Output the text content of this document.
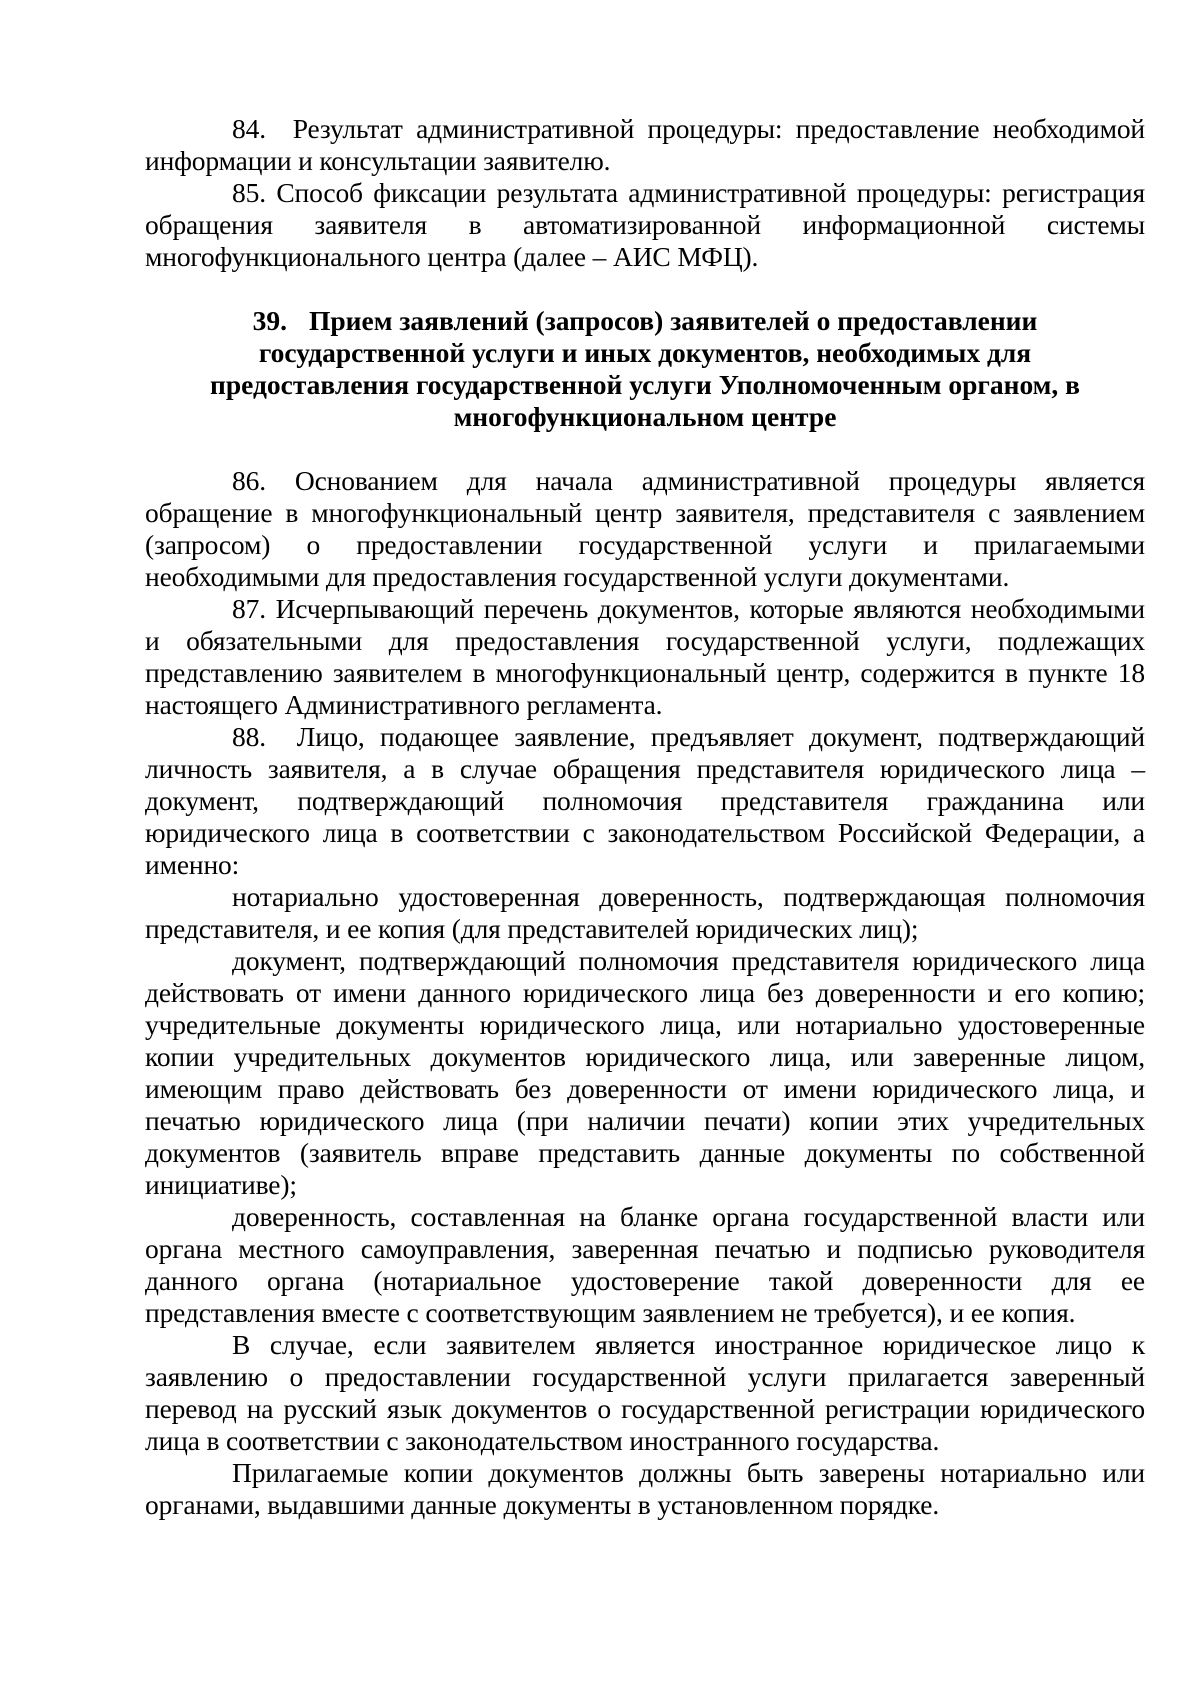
84.  Результат административной процедуры: предоставление необходимой информации и консультации заявителю.

85. Способ фиксации результата административной процедуры: регистрация обращения заявителя в автоматизированной информационной системы многофункционального центра (далее – АИС МФЦ).

39. Прием заявлений (запросов) заявителей о предоставлении государственной услуги и иных документов, необходимых для предоставления государственной услуги Уполномоченным органом, в многофункциональном центре

86. Основанием для начала административной процедуры является обращение в многофункциональный центр заявителя, представителя с заявлением (запросом) о предоставлении государственной услуги и прилагаемыми необходимыми для предоставления государственной услуги документами.

87. Исчерпывающий перечень документов, которые являются необходимыми и обязательными для предоставления государственной услуги, подлежащих представлению заявителем в многофункциональный центр, содержится в пункте 18 настоящего Административного регламента.

88.  Лицо, подающее заявление, предъявляет документ, подтверждающий личность заявителя, а в случае обращения представителя юридического лица – документ, подтверждающий полномочия представителя гражданина или юридического лица в соответствии с законодательством Российской Федерации, а именно:

нотариально удостоверенная доверенность, подтверждающая полномочия представителя, и ее копия (для представителей юридических лиц);

документ, подтверждающий полномочия представителя юридического лица действовать от имени данного юридического лица без доверенности и его копию; учредительные документы юридического лица, или нотариально удостоверенные копии учредительных документов юридического лица, или заверенные лицом, имеющим право действовать без доверенности от имени юридического лица, и печатью юридического лица (при наличии печати) копии этих учредительных документов (заявитель вправе представить данные документы по собственной инициативе);

доверенность, составленная на бланке органа государственной власти или органа местного самоуправления, заверенная печатью и подписью руководителя данного органа (нотариальное удостоверение такой доверенности для ее представления вместе с соответствующим заявлением не требуется), и ее копия.

В случае, если заявителем является иностранное юридическое лицо к заявлению о предоставлении государственной услуги прилагается заверенный перевод на русский язык документов о государственной регистрации юридического лица в соответствии с законодательством иностранного государства.

Прилагаемые копии документов должны быть заверены нотариально или органами, выдавшими данные документы в установленном порядке.
